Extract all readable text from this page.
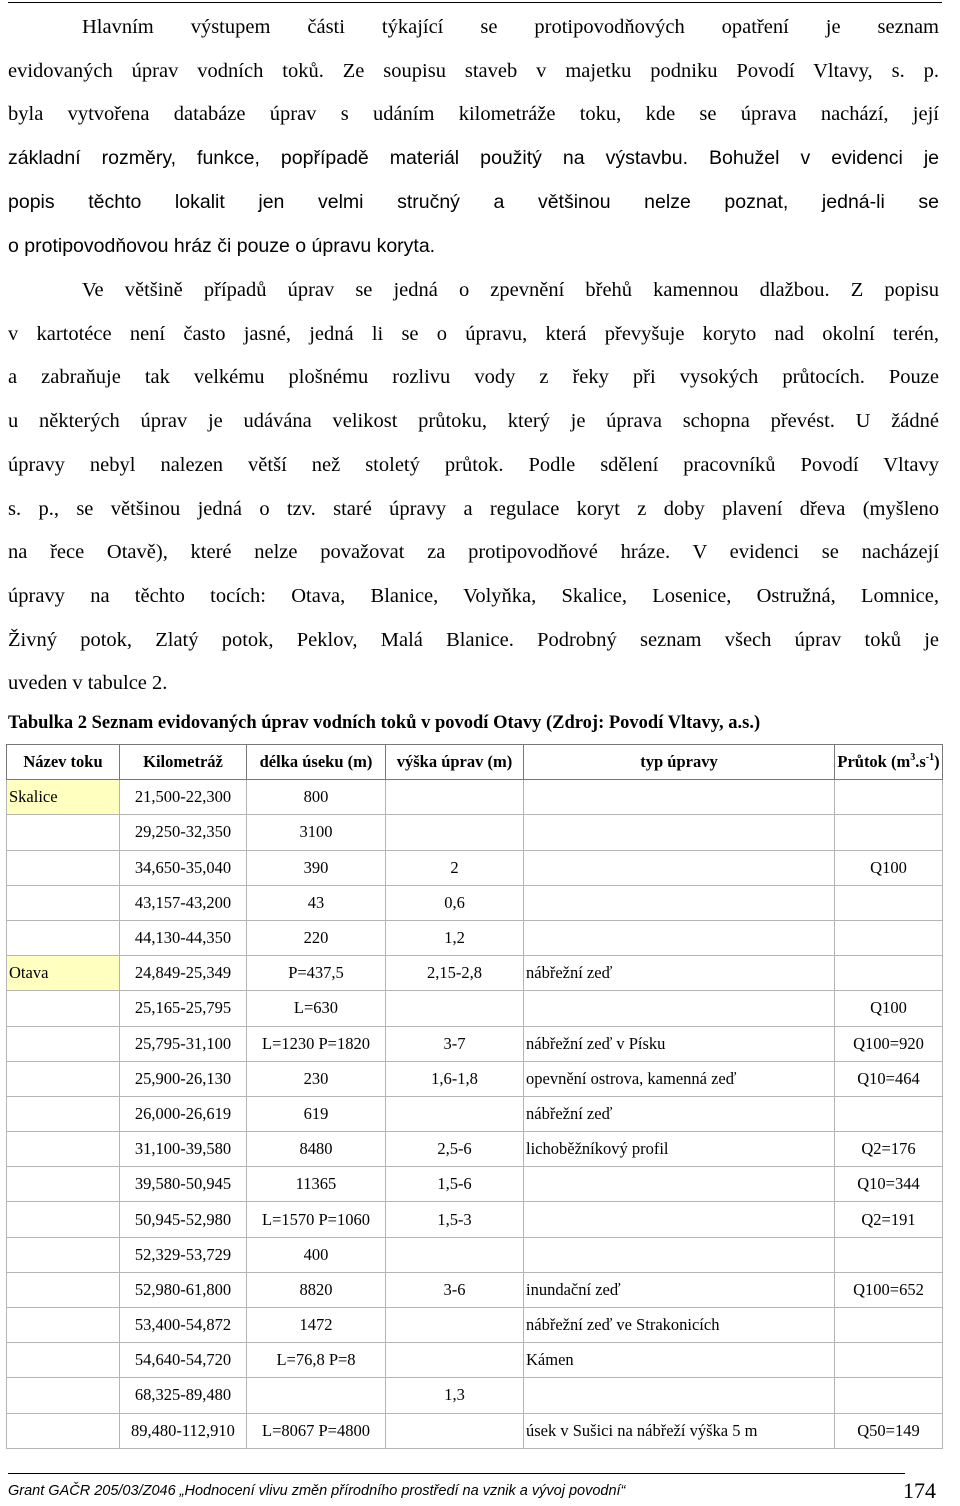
Hlavním výstupem části týkající se protipovodňových opatření je seznam
evidovaných úprav vodních toků. Ze soupisu staveb v majetku podniku Povodí Vltavy, s. p.
byla vytvořena databáze úprav s udáním kilometráže toku, kde se úprava nachází, její
základní rozměry, funkce, popřípadě materiál použitý na výstavbu. Bohužel v evidenci je
popis těchto lokalit jen velmi stručný a většinou nelze poznat, jedná-li se
o protipovodňovou hráz či pouze o úpravu koryta.
Ve většině případů úprav se jedná o zpevnění břehů kamennou dlažbou. Z popisu
v kartotéce není často jasné, jedná li se o úpravu, která převyšuje koryto nad okolní terén,
a zabraňuje tak velkému plošnému rozlivu vody z řeky při vysokých průtocích. Pouze
u některých úprav je udávána velikost průtoku, který je úprava schopna převést. U žádné
úpravy nebyl nalezen větší než stoletý průtok. Podle sdělení pracovníků Povodí Vltavy
s. p., se většinou jedná o tzv. staré úpravy a regulace koryt z doby plavení dřeva (myšleno
na řece Otavě), které nelze považovat za protipovodňové hráze. V evidenci se nacházejí
úpravy na těchto tocích: Otava, Blanice, Volyňka, Skalice, Losenice, Ostružná, Lomnice,
Živný potok, Zlatý potok, Peklov, Malá Blanice. Podrobný seznam všech úprav toků je
uveden v tabulce 2.
Tabulka 2 Seznam evidovaných úprav vodních toků v povodí Otavy (Zdroj: Povodí Vltavy, a.s.)
Název toku	Kilometráž	délka úseku (m)	výška úprav (m)	typ úpravy	Průtok $(m^3.s^{-1})$
Skalice	21,500-22,300	800			
	29,250-32,350	3100			
	34,650-35,040	390	2		Q100
	43,157-43,200	43	0,6		
	44,130-44,350	220	1,2		
Otava	24,849-25,349	P=437,5	2,15-2,8	nábřežní zeď	
	25,165-25,795	L=630			Q100
	25,795-31,100	L=1230 P=1820	3-7	nábřežní zeď v Písku	Q100=920
	25,900-26,130	230	1,6-1,8	opevnění ostrova, kamenná zeď	Q10=464
	26,000-26,619	619		nábřežní zeď	
	31,100-39,580	8480	2,5-6	lichoběžníkový profil	Q2=176
	39,580-50,945	11365	1,5-6		Q10=344
	50,945-52,980	L=1570 P=1060	1,5-3		Q2=191
	52,329-53,729	400			
	52,980-61,800	8820	3-6	inundační zeď	Q100=652
	53,400-54,872	1472		nábřežní zeď ve Strakonicích	
	54,640-54,720	L=76,8 P=8		Kámen	
	68,325-89,480		1,3		
	89,480-112,910	L=8067 P=4800		úsek v Sušici na nábřeží výška 5 m	Q50=149
Grant GAČR 205/03/Z046 „Hodnocení vlivu změn přírodního prostředí na vznik a vývoj povodní“	174
